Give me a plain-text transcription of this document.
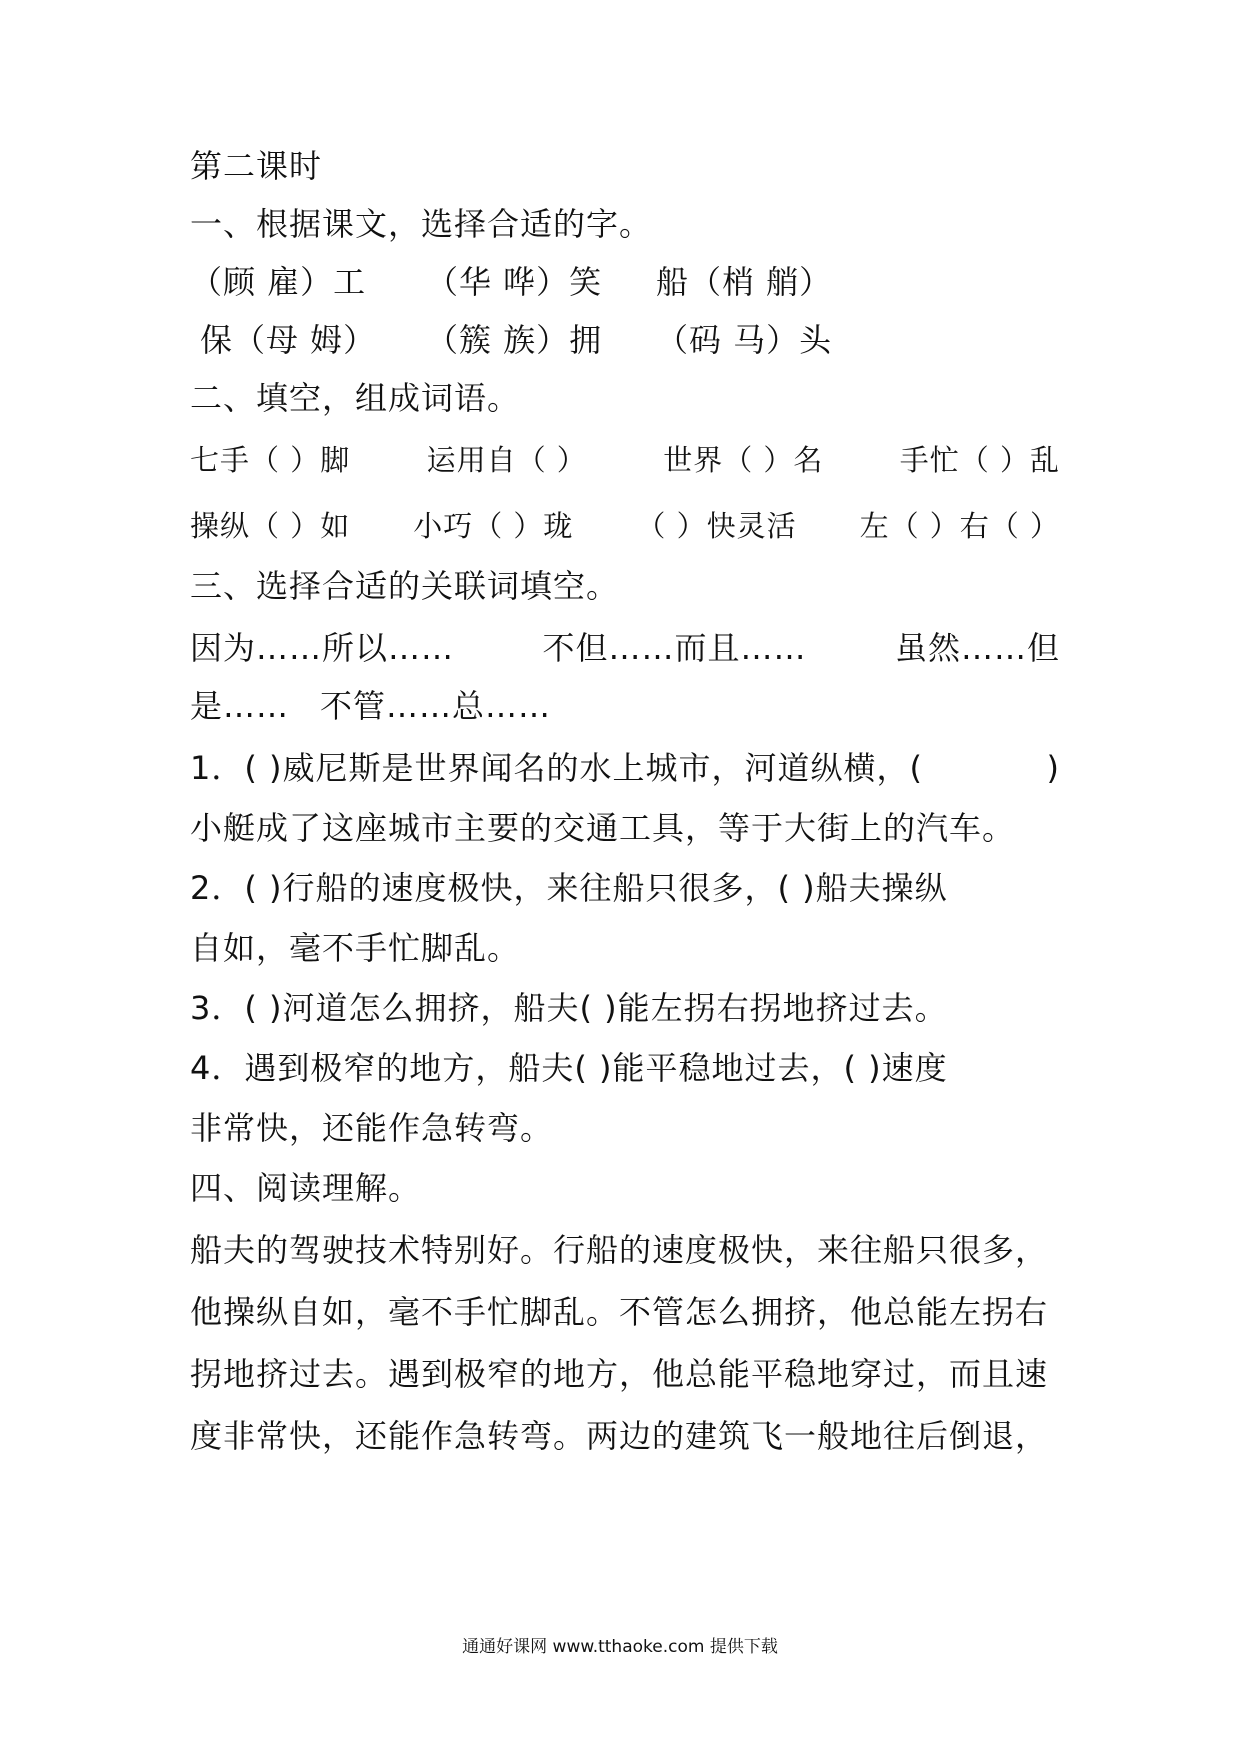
第二课时
一、根据课文，选择合适的字。
（顾 雇）工 （华 哗）笑 船（梢 艄）
保（母 姆） （簇 族）拥 （码 马）头
二、填空，组成词语。
七手（ ）脚	运用自（ ）	世界（ ）名	手忙（ ）乱
操纵（ ）如 小巧（ ）珑 （ ）快灵活 左（ ）右（ ）
三、选择合适的关联词填空。
因为……所以……	不但……而且……	虽然……但
是…… 不管……总……
1．( )威尼斯是世界闻名的水上城市，河道纵横，(	)
小艇成了这座城市主要的交通工具，等于大街上的汽车。
2．( )行船的速度极快，来往船只很多，( )船夫操纵
自如，毫不手忙脚乱。
3．( )河道怎么拥挤，船夫( )能左拐右拐地挤过去。
4．遇到极窄的地方，船夫( )能平稳地过去，( )速度
非常快，还能作急转弯。
四、阅读理解。
船夫的驾驶技术特别好。行船的速度极快，来往船只很多，
他操纵自如，毫不手忙脚乱。不管怎么拥挤，他总能左拐右
拐地挤过去。遇到极窄的地方，他总能平稳地穿过，而且速
度非常快，还能作急转弯。两边的建筑飞一般地往后倒退，
通通好课网 www.tthaoke.com 提供下载
